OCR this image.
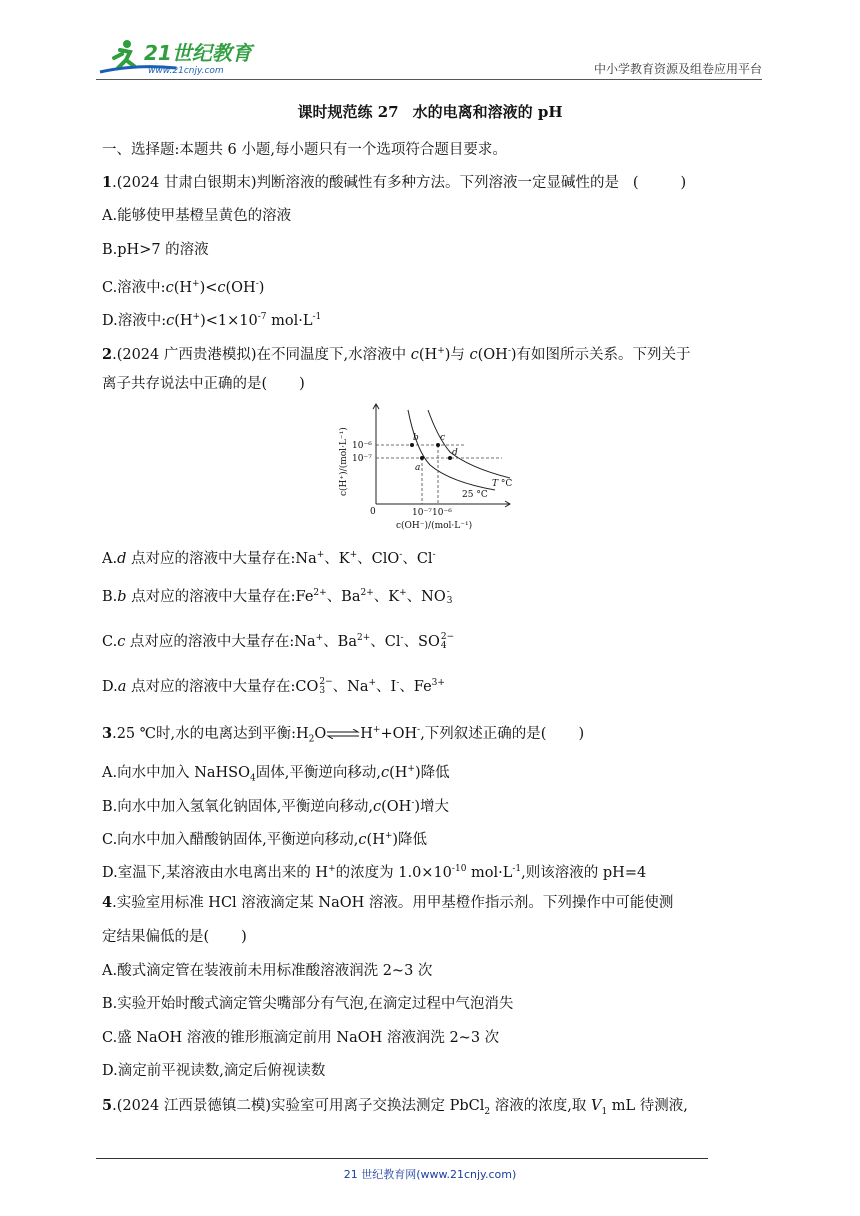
21世纪教育
www.21cnjy.com	中小学教育资源及组卷应用平台
课时规范练 27 水的电离和溶液的 pH
一、选择题:本题共 6 小题,每小题只有一个选项符合题目要求。
1.(2024 甘肃白银期末)判断溶液的酸碱性有多种方法。下列溶液一定显碱性的是   (	)
A.能够使甲基橙呈黄色的溶液
B.pH>7 的溶液
C.溶液中:c(H+)<c(OH-)
D.溶液中$:c(H^+)<1\times 10^{-7}$ $mol\cdot L^{-1}$
2.(2024 广西贵港模拟)在不同温度下,水溶液中 c(H+)与 c(OH-)有如图所示关系。下列关于
离子共存说法中正确的是( )
10⁻⁶
10⁻⁷
10⁻⁷ 10⁻⁶
0
c(OH⁻)/(mol·L⁻¹)
c(H⁺)/(mol·L⁻¹)	a
b c
d
25 °C
T °C
A.d 点对应的溶液中大量存在:Na+、K+、ClO-、Cl-
B.b 点对应的溶液中大量存在$:Fe^{2+}$、$Ba^{2+}$、K+、NO -
3
C.c 点对应的溶液中大量存在:Na+、$Ba^{2+}$、Cl-、SO 2−
4
D.a 点对应的溶液中大量存在:CO 2−
3 、Na+、I-、$Fe^{3+}$
3.25 ℃时,水的电离达到平衡$:H_2O\rightleftharpoons H^++OH^-$,下列叙述正确的是( )
A.向水中加入 NaHSO$_4$固体,平衡逆向移动,c(H+)降低
B.向水中加入氢氧化钠固体,平衡逆向移动,c(OH-)增大
C.向水中加入醋酸钠固体,平衡逆向移动,c(H+)降低
D.室温下,某溶液由水电离出来的 H+的浓度为 $1.0\times 10^{-10}$ $mol\cdot L^{-1}$,则该溶液的 pH=4
4.实验室用标准 HCl 溶液滴定某 NaOH 溶液。用甲基橙作指示剂。下列操作中可能使测
定结果偏低的是( )
A.酸式滴定管在装液前未用标准酸溶液润洗 2~3 次
B.实验开始时酸式滴定管尖嘴部分有气泡,在滴定过程中气泡消失
C.盛 NaOH 溶液的锥形瓶滴定前用 NaOH 溶液润洗 2~3 次
D.滴定前平视读数,滴定后俯视读数
5.(2024 江西景德镇二模)实验室可用离子交换法测定 PbCl$_2$ 溶液的浓度,取 $V_1$ mL 待测液,
21 世纪教育网(www.21cnjy.com)
